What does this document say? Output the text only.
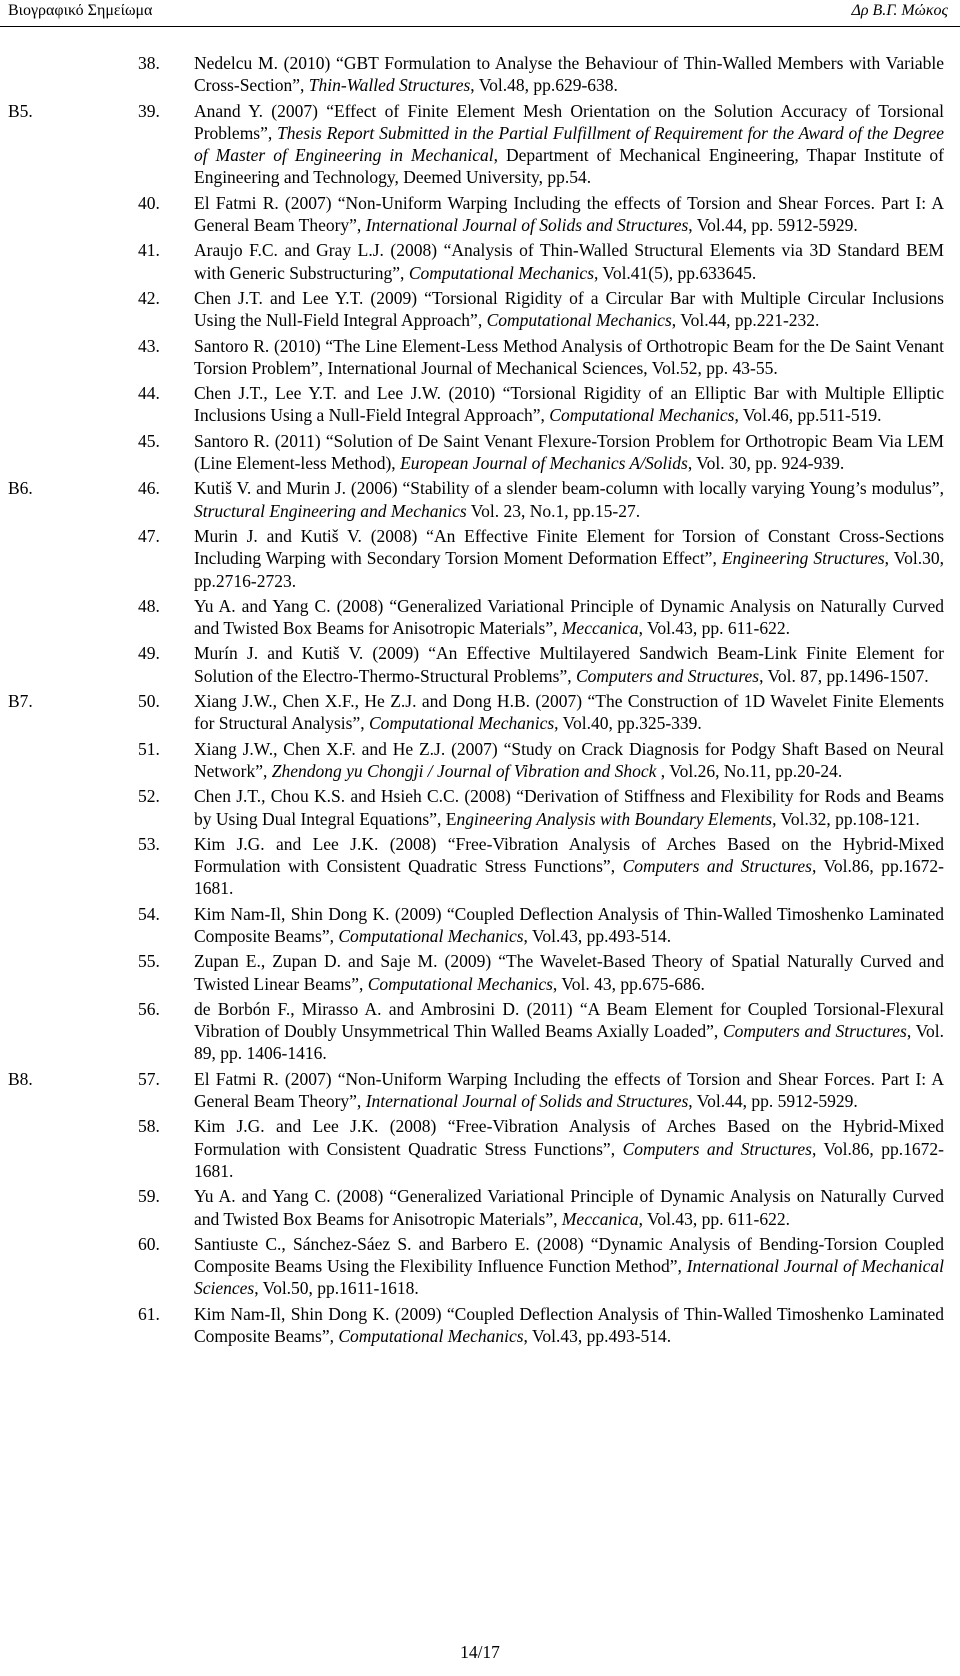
Βιογραφικό Σημείωμα	Δρ Β.Γ. Μώκος
38. Nedelcu M. (2010) “GBT Formulation to Analyse the Behaviour of Thin-Walled Members with Variable Cross-Section”, Thin-Walled Structures, Vol.48, pp.629-638.
B5.	39. Anand Y. (2007) “Effect of Finite Element Mesh Orientation on the Solution Accuracy of Torsional Problems”, Thesis Report Submitted in the Partial Fulfillment of Requirement for the Award of the Degree of Master of Engineering in Mechanical, Department of Mechanical Engineering, Thapar Institute of Engineering and Technology, Deemed University, pp.54.
40. El Fatmi R. (2007) “Non-Uniform Warping Including the effects of Torsion and Shear Forces. Part I: A General Beam Theory”, International Journal of Solids and Structures, Vol.44, pp. 5912-5929.
41. Araujo F.C. and Gray L.J. (2008) “Analysis of Thin-Walled Structural Elements via 3D Standard BEM with Generic Substructuring”, Computational Mechanics, Vol.41(5), pp.633645.
42. Chen J.T. and Lee Y.T. (2009) “Torsional Rigidity of a Circular Bar with Multiple Circular Inclusions Using the Null-Field Integral Approach”, Computational Mechanics, Vol.44, pp.221-232.
43. Santoro R. (2010) “The Line Element-Less Method Analysis of Orthotropic Beam for the De Saint Venant Torsion Problem”, International Journal of Mechanical Sciences, Vol.52, pp. 43-55.
44. Chen J.T., Lee Y.T. and Lee J.W. (2010) “Torsional Rigidity of an Elliptic Bar with Multiple Elliptic Inclusions Using a Null-Field Integral Approach”, Computational Mechanics, Vol.46, pp.511-519.
45. Santoro R. (2011) “Solution of De Saint Venant Flexure-Torsion Problem for Orthotropic Beam Via LEM (Line Element-less Method), European Journal of Mechanics A/Solids, Vol. 30, pp. 924-939.
B6.	46. Kutiš V. and Murin J. (2006) “Stability of a slender beam-column with locally varying Young’s modulus”, Structural Engineering and Mechanics Vol. 23, No.1, pp.15-27.
47. Murin J. and Kutiš V. (2008) “An Effective Finite Element for Torsion of Constant Cross-Sections Including Warping with Secondary Torsion Moment Deformation Effect”, Engineering Structures, Vol.30, pp.2716-2723.
48. Yu A. and Yang C. (2008) “Generalized Variational Principle of Dynamic Analysis on Naturally Curved and Twisted Box Beams for Anisotropic Materials”, Meccanica, Vol.43, pp. 611-622.
49. Murín J. and Kutiš V. (2009) “An Effective Multilayered Sandwich Beam-Link Finite Element for Solution of the Electro-Thermo-Structural Problems”, Computers and Structures, Vol. 87, pp.1496-1507.
B7.	50. Xiang J.W., Chen X.F., He Z.J. and Dong H.B. (2007) “The Construction of 1D Wavelet Finite Elements for Structural Analysis”, Computational Mechanics, Vol.40, pp.325-339.
51. Xiang J.W., Chen X.F. and He Z.J. (2007) “Study on Crack Diagnosis for Podgy Shaft Based on Neural Network”, Zhendong yu Chongji / Journal of Vibration and Shock , Vol.26, No.11, pp.20-24.
52. Chen J.T., Chou K.S. and Hsieh C.C. (2008) “Derivation of Stiffness and Flexibility for Rods and Beams by Using Dual Integral Equations”, Engineering Analysis with Boundary Elements, Vol.32, pp.108-121.
53. Kim J.G. and Lee J.K. (2008) “Free-Vibration Analysis of Arches Based on the Hybrid-Mixed Formulation with Consistent Quadratic Stress Functions”, Computers and Structures, Vol.86, pp.1672-1681.
54. Kim Nam-Il, Shin Dong K. (2009) “Coupled Deflection Analysis of Thin-Walled Timoshenko Laminated Composite Beams”, Computational Mechanics, Vol.43, pp.493-514.
55. Zupan E., Zupan D. and Saje M. (2009) “The Wavelet-Based Theory of Spatial Naturally Curved and Twisted Linear Beams”, Computational Mechanics, Vol. 43, pp.675-686.
56. de Borbón F., Mirasso A. and Ambrosini D. (2011) “A Beam Element for Coupled Torsional-Flexural Vibration of Doubly Unsymmetrical Thin Walled Beams Axially Loaded”, Computers and Structures, Vol. 89, pp. 1406-1416.
B8.	57. El Fatmi R. (2007) “Non-Uniform Warping Including the effects of Torsion and Shear Forces. Part I: A General Beam Theory”, International Journal of Solids and Structures, Vol.44, pp. 5912-5929.
58. Kim J.G. and Lee J.K. (2008) “Free-Vibration Analysis of Arches Based on the Hybrid-Mixed Formulation with Consistent Quadratic Stress Functions”, Computers and Structures, Vol.86, pp.1672-1681.
59. Yu A. and Yang C. (2008) “Generalized Variational Principle of Dynamic Analysis on Naturally Curved and Twisted Box Beams for Anisotropic Materials”, Meccanica, Vol.43, pp. 611-622.
60. Santiuste C., Sánchez-Sáez S. and Barbero E. (2008) “Dynamic Analysis of Bending-Torsion Coupled Composite Beams Using the Flexibility Influence Function Method”, International Journal of Mechanical Sciences, Vol.50, pp.1611-1618.
61. Kim Nam-Il, Shin Dong K. (2009) “Coupled Deflection Analysis of Thin-Walled Timoshenko Laminated Composite Beams”, Computational Mechanics, Vol.43, pp.493-514.
14/17
